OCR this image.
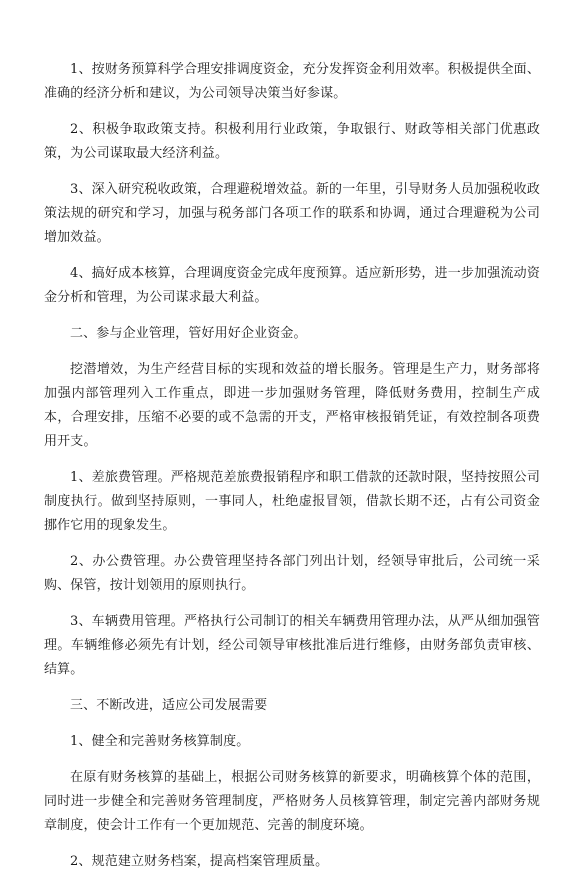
1、按财务预算科学合理安排调度资金，充分发挥资金利用效率。积极提供全面、准确的经济分析和建议，为公司领导决策当好参谋。

2、积极争取政策支持。积极利用行业政策，争取银行、财政等相关部门优惠政策，为公司谋取最大经济利益。

3、深入研究税收政策，合理避税增效益。新的一年里，引导财务人员加强税收政策法规的研究和学习，加强与税务部门各项工作的联系和协调，通过合理避税为公司增加效益。

4、搞好成本核算，合理调度资金完成年度预算。适应新形势，进一步加强流动资金分析和管理，为公司谋求最大利益。

二、参与企业管理，管好用好企业资金。

挖潜增效，为生产经营目标的实现和效益的增长服务。管理是生产力，财务部将加强内部管理列入工作重点，即进一步加强财务管理，降低财务费用，控制生产成本，合理安排，压缩不必要的或不急需的开支，严格审核报销凭证，有效控制各项费用开支。

1、差旅费管理。严格规范差旅费报销程序和职工借款的还款时限，坚持按照公司制度执行。做到坚持原则，一事同人，杜绝虚报冒领，借款长期不还，占有公司资金挪作它用的现象发生。

2、办公费管理。办公费管理坚持各部门列出计划，经领导审批后，公司统一采购、保管，按计划领用的原则执行。

3、车辆费用管理。严格执行公司制订的相关车辆费用管理办法，从严从细加强管理。车辆维修必须先有计划，经公司领导审核批准后进行维修，由财务部负责审核、结算。

三、不断改进，适应公司发展需要

1、健全和完善财务核算制度。

在原有财务核算的基础上，根据公司财务核算的新要求，明确核算个体的范围，同时进一步健全和完善财务管理制度，严格财务人员核算管理，制定完善内部财务规章制度，使会计工作有一个更加规范、完善的制度环境。

2、规范建立财务档案，提高档案管理质量。
